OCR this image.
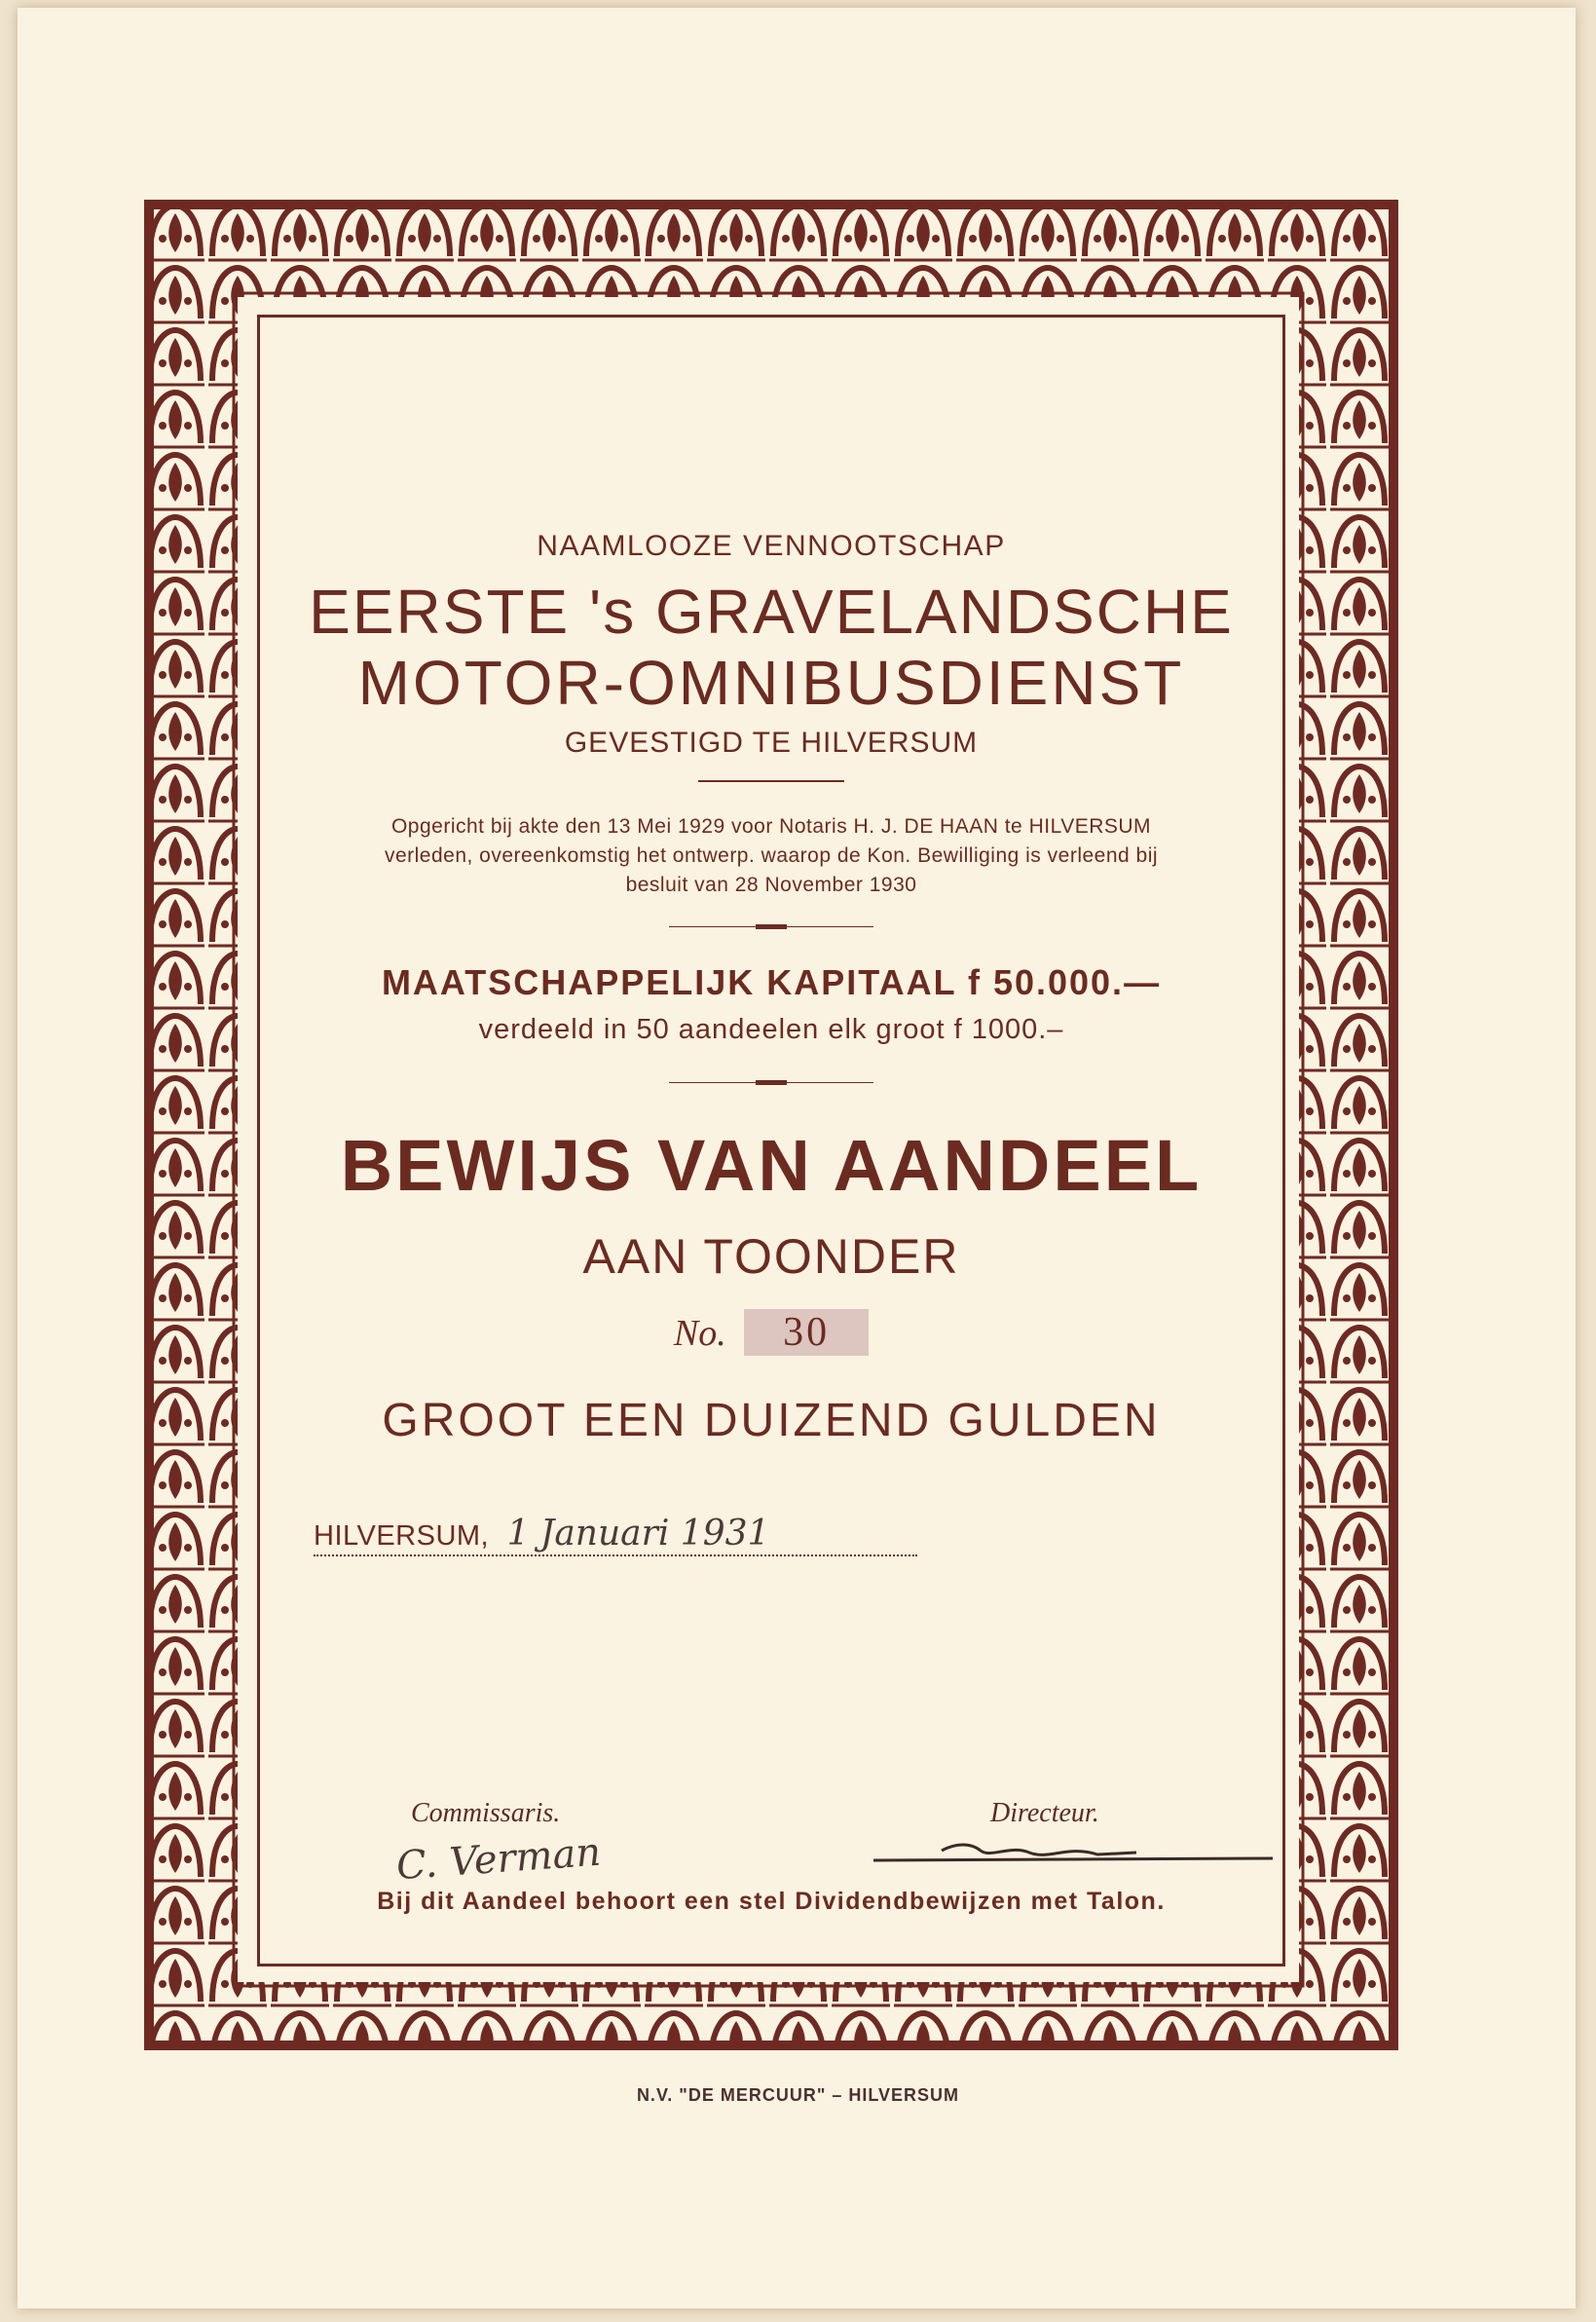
NAAMLOOZE VENNOOTSCHAP
EERSTE 's GRAVELANDSCHE
MOTOR-OMNIBUSDIENST
GEVESTIGD TE HILVERSUM
Opgericht bij akte den 13 Mei 1929 voor Notaris H. J. DE HAAN te HILVERSUM
verleden, overeenkomstig het ontwerp. waarop de Kon. Bewilliging is verleend bij
besluit van 28 November 1930
MAATSCHAPPELIJK KAPITAAL f 50.000.—
verdeeld in 50 aandeelen elk groot f 1000.–
BEWIJS VAN AANDEEL
AAN TOONDER
No. 30
GROOT EEN DUIZEND GULDEN
HILVERSUM, 1 Januari 1931
Commissaris.	Directeur.
C. Verman
Bij dit Aandeel behoort een stel Dividendbewijzen met Talon.
N.V. "DE MERCUUR" – HILVERSUM
